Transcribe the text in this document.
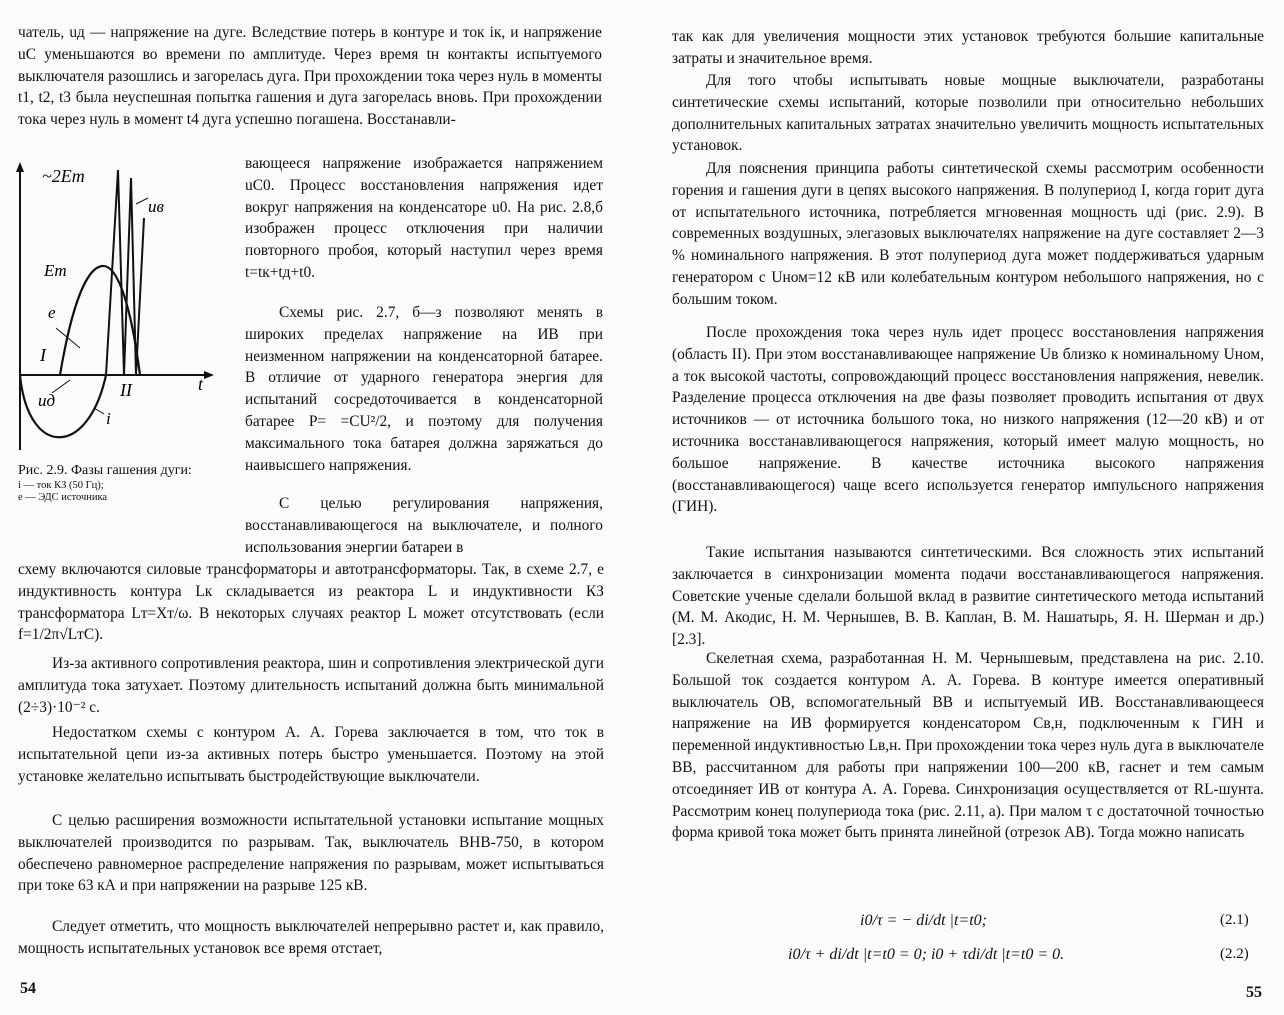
чатель, uд — напряжение на дуге. Вследствие потерь в контуре и ток iк, и напряжение uC уменьшаются во времени по амплитуде. Через время tн контакты испытуемого выключателя разошлись и загорелась дуга. При прохождении тока через нуль в моменты t1, t2, t3 была неуспешная попытка гашения и дуга загорелась вновь. При прохождении тока через нуль в момент t4 дуга успешно погашена. Восстанавли-

~2Em
Em
e
uв
I
II	t
uд
i
Рис. 2.9. Фазы гашения дуги:
i — ток КЗ (50 Гц);
e — ЭДС источника

вающееся напряжение изображается напряжением uC0. Процесс восстановления напряжения идет вокруг напряжения на конденсаторе u0. На рис. 2.8,б изображен процесс отключения при наличии повторного пробоя, который наступил через время t=tк+tд+t0.

Схемы рис. 2.7, б—з позволяют менять в широких пределах напряжение на ИВ при неизменном напряжении на конденсаторной батарее. В отличие от ударного генератора энергия для испытаний сосредоточивается в конденсаторной батарее P= =CU²/2, и поэтому для получения максимального тока батарея должна заряжаться до наивысшего напряжения.

С целью регулирования напряжения, восстанавливающегося на выключателе, и полного использования энергии батареи в

схему включаются силовые трансформаторы и автотрансформаторы. Так, в схеме 2.7, е индуктивность контура Lк складывается из реактора L и индуктивности КЗ трансформатора Lт=Xт/ω. В некоторых случаях реактор L может отсутствовать (если f=1/2π√LтC).

Из-за активного сопротивления реактора, шин и сопротивления электрической дуги амплитуда тока затухает. Поэтому длительность испытаний должна быть минимальной (2÷3)·10⁻² с.

Недостатком схемы с контуром А. А. Горева заключается в том, что ток в испытательной цепи из-за активных потерь быстро уменьшается. Поэтому на этой установке желательно испытывать быстродействующие выключатели.

С целью расширения возможности испытательной установки испытание мощных выключателей производится по разрывам. Так, выключатель ВНВ-750, в котором обеспечено равномерное распределение напряжения по разрывам, может испытываться при токе 63 кА и при напряжении на разрыве 125 кВ.

Следует отметить, что мощность выключателей непрерывно растет и, как правило, мощность испытательных установок все время отстает,

54

так как для увеличения мощности этих установок требуются большие капитальные затраты и значительное время.

Для того чтобы испытывать новые мощные выключатели, разработаны синтетические схемы испытаний, которые позволили при относительно небольших дополнительных капитальных затратах значительно увеличить мощность испытательных установок.

Для пояснения принципа работы синтетической схемы рассмотрим особенности горения и гашения дуги в цепях высокого напряжения. В полупериод I, когда горит дуга от испытательного источника, потребляется мгновенная мощность uдi (рис. 2.9). В современных воздушных, элегазовых выключателях напряжение на дуге составляет 2—3 % номинального напряжения. В этот полупериод дуга может поддерживаться ударным генератором с Uном=12 кВ или колебательным контуром небольшого напряжения, но с большим током.

После прохождения тока через нуль идет процесс восстановления напряжения (область II). При этом восстанавливающее напряжение Uв близко к номинальному Uном, а ток высокой частоты, сопровождающий процесс восстановления напряжения, невелик. Разделение процесса отключения на две фазы позволяет проводить испытания от двух источников — от источника большого тока, но низкого напряжения (12—20 кВ) и от источника восстанавливающегося напряжения, который имеет малую мощность, но большое напряжение. В качестве источника высокого напряжения (восстанавливающегося) чаще всего используется генератор импульсного напряжения (ГИН).

Такие испытания называются синтетическими. Вся сложность этих испытаний заключается в синхронизации момента подачи восстанавливающегося напряжения. Советские ученые сделали большой вклад в развитие синтетического метода испытаний (М. М. Акодис, Н. М. Чернышев, В. В. Каплан, В. М. Нашатырь, Я. Н. Шерман и др.) [2.3].

Скелетная схема, разработанная Н. М. Чернышевым, представлена на рис. 2.10. Большой ток создается контуром А. А. Горева. В контуре имеется оперативный выключатель ОВ, вспомогательный ВВ и испытуемый ИВ. Восстанавливающееся напряжение на ИВ формируется конденсатором Cв,н, подключенным к ГИН и переменной индуктивностью Lв,н. При прохождении тока через нуль дуга в выключателе ВВ, рассчитанном для работы при напряжении 100—200 кВ, гаснет и тем самым отсоединяет ИВ от контура А. А. Горева. Синхронизация осуществляется от RL-шунта. Рассмотрим конец полупериода тока (рис. 2.11, а). При малом τ с достаточной точностью форма кривой тока может быть принята линейной (отрезок AB). Тогда можно написать

i0/τ = − di/dt |t=t0;	(2.1)
i0/τ + di/dt |t=t0 = 0; i0 + τdi/dt |t=t0 = 0.	(2.2)
55
